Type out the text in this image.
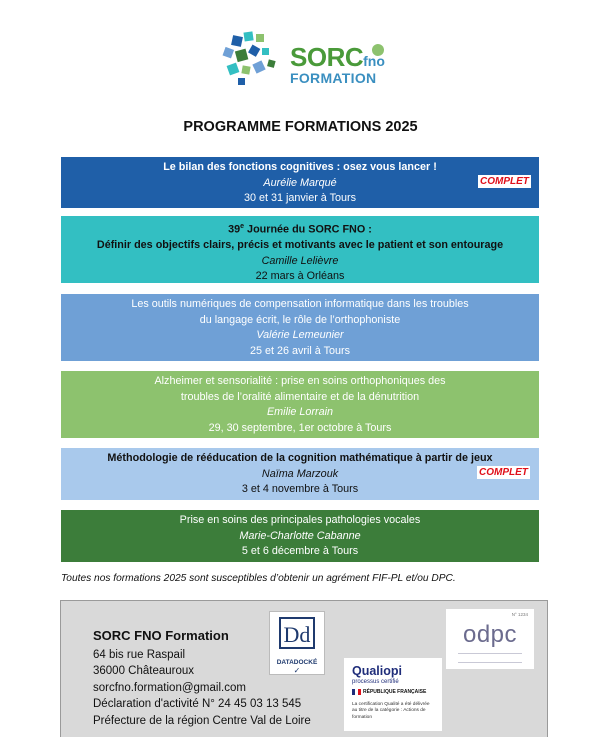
SORCfno
FORMATION
PROGRAMME FORMATIONS 2025
Le bilan des fonctions cognitives : osez vous lancer !
Aurélie Marqué
30 et 31 janvier à Tours
COMPLET
39e Journée du SORC FNO :
Définir des objectifs clairs, précis et motivants avec le patient et son entourage
Camille Lelièvre
22 mars à Orléans
Les outils numériques de compensation informatique dans les troubles
du langage écrit, le rôle de l’orthophoniste
Valérie Lemeunier
25 et 26 avril à Tours
Alzheimer et sensorialité : prise en soins orthophoniques des
troubles de l’oralité alimentaire et de la dénutrition
Emilie Lorrain
29, 30 septembre, 1er octobre à Tours
Méthodologie de rééducation de la cognition mathématique à partir de jeux
Naïma Marzouk
3 et 4 novembre à Tours
COMPLET
Prise en soins des principales pathologies vocales
Marie-Charlotte Cabanne
5 et 6 décembre à Tours
Toutes nos formations 2025 sont susceptibles d’obtenir un agrément FIF-PL et/ou DPC.
SORC FNO Formation
64 bis rue Raspail
36000 Châteauroux
sorcfno.formation@gmail.com
Déclaration d'activité N° 24 45 03 13 545
Préfecture de la région Centre Val de Loire
Dd
DATADOCKÉ
✓
N° 1234
odpc
Qualiopi
processus certifié
RÉPUBLIQUE FRANÇAISE
La certification Qualité a été délivrée au titre de la catégorie : Actions de formation
